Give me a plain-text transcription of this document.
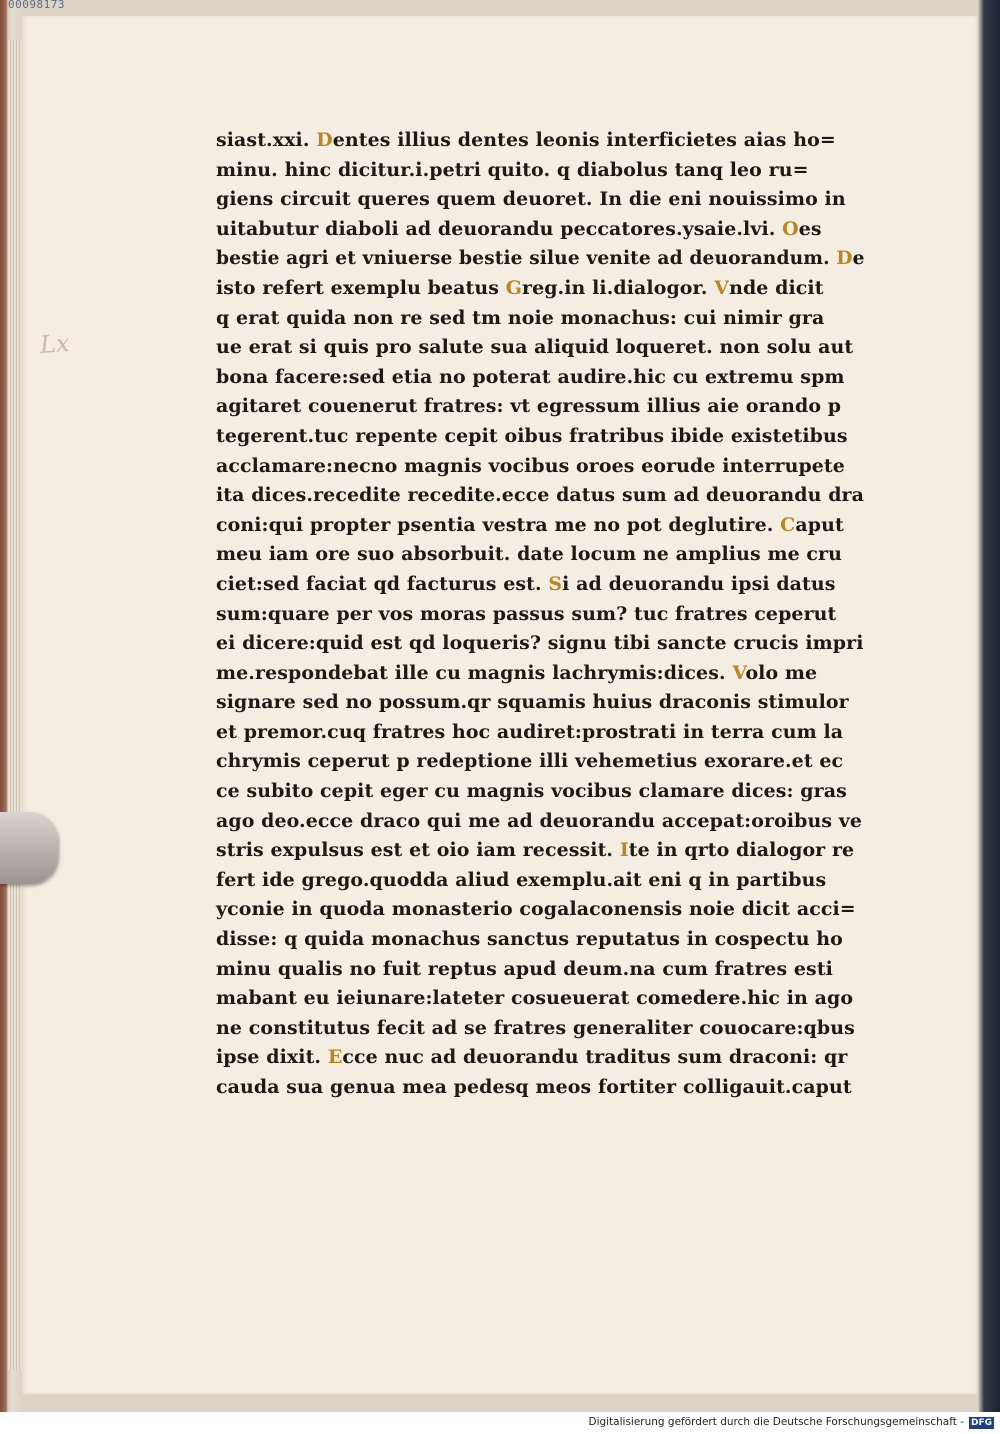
00098173
Lx
siast.xxi. Dentes illius dentes leonis interficietes aias ho=
minu. hinc dicitur.i.petri quito. q diabolus tanq leo ru=
giens circuit queres quem deuoret. In die eni nouissimo in
uitabutur diaboli ad deuorandu peccatores.ysaie.lvi. Oes
bestie agri et vniuerse bestie silue venite ad deuorandum. De
isto refert exemplu beatus Greg.in li.dialogor. Vnde dicit
q erat quida non re sed tm noie monachus: cui nimir gra
ue erat si quis pro salute sua aliquid loqueret. non solu aut
bona facere:sed etia no poterat audire.hic cu extremu spm
agitaret couenerut fratres: vt egressum illius aie orando p
tegerent.tuc repente cepit oibus fratribus ibide existetibus
acclamare:necno magnis vocibus oroes eorude interrupete
ita dices.recedite recedite.ecce datus sum ad deuorandu dra
coni:qui propter psentia vestra me no pot deglutire. Caput
meu iam ore suo absorbuit. date locum ne amplius me cru
ciet:sed faciat qd facturus est. Si ad deuorandu ipsi datus
sum:quare per vos moras passus sum? tuc fratres ceperut
ei dicere:quid est qd loqueris? signu tibi sancte crucis impri
me.respondebat ille cu magnis lachrymis:dices. Volo me
signare sed no possum.qr squamis huius draconis stimulor
et premor.cuq fratres hoc audiret:prostrati in terra cum la
chrymis ceperut p redeptione illi vehemetius exorare.et ec
ce subito cepit eger cu magnis vocibus clamare dices: gras
ago deo.ecce draco qui me ad deuorandu accepat:oroibus ve
stris expulsus est et oio iam recessit. Ite in qrto dialogor re
fert ide grego.quodda aliud exemplu.ait eni q in partibus
yconie in quoda monasterio cogalaconensis noie dicit acci=
disse: q quida monachus sanctus reputatus in cospectu ho
minu qualis no fuit reptus apud deum.na cum fratres esti
mabant eu ieiunare:lateter cosueuerat comedere.hic in ago
ne constitutus fecit ad se fratres generaliter couocare:qbus
ipse dixit. Ecce nuc ad deuorandu traditus sum draconi: qr
cauda sua genua mea pedesq meos fortiter colligauit.caput
Digitalisierung gefördert durch die Deutsche Forschungsgemeinschaft - DFG
